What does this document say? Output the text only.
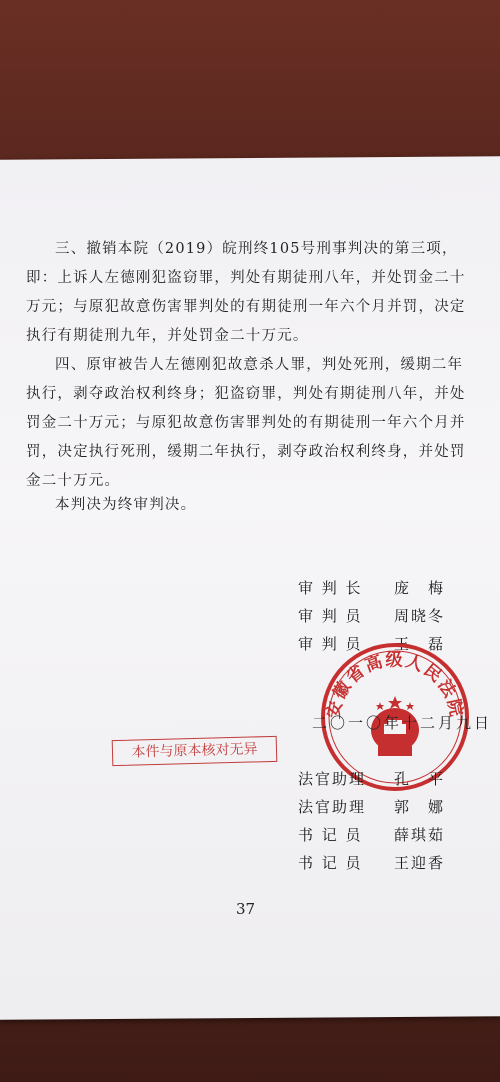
三、撤销本院（2019）皖刑终105号刑事判决的第三项，即：上诉人左德刚犯盗窃罪，判处有期徒刑八年，并处罚金二十万元；与原犯故意伤害罪判处的有期徒刑一年六个月并罚，决定执行有期徒刑九年，并处罚金二十万元。

四、原审被告人左德刚犯故意杀人罪，判处死刑，缓期二年执行，剥夺政治权利终身；犯盗窃罪，判处有期徒刑八年，并处罚金二十万元；与原犯故意伤害罪判处的有期徒刑一年六个月并罚，决定执行死刑，缓期二年执行，剥夺政治权利终身，并处罚金二十万元。

本判决为终审判决。

审 判 长 庞　梅
审 判 员 周晓冬
审 判 员 王　磊
安徽省高级人民法院
二〇一〇年十二月九日
本件与原本核对无异
法官助理 孔　平
法官助理 郭　娜
书 记 员 薛琪茹
书 记 员 王迎香
37
